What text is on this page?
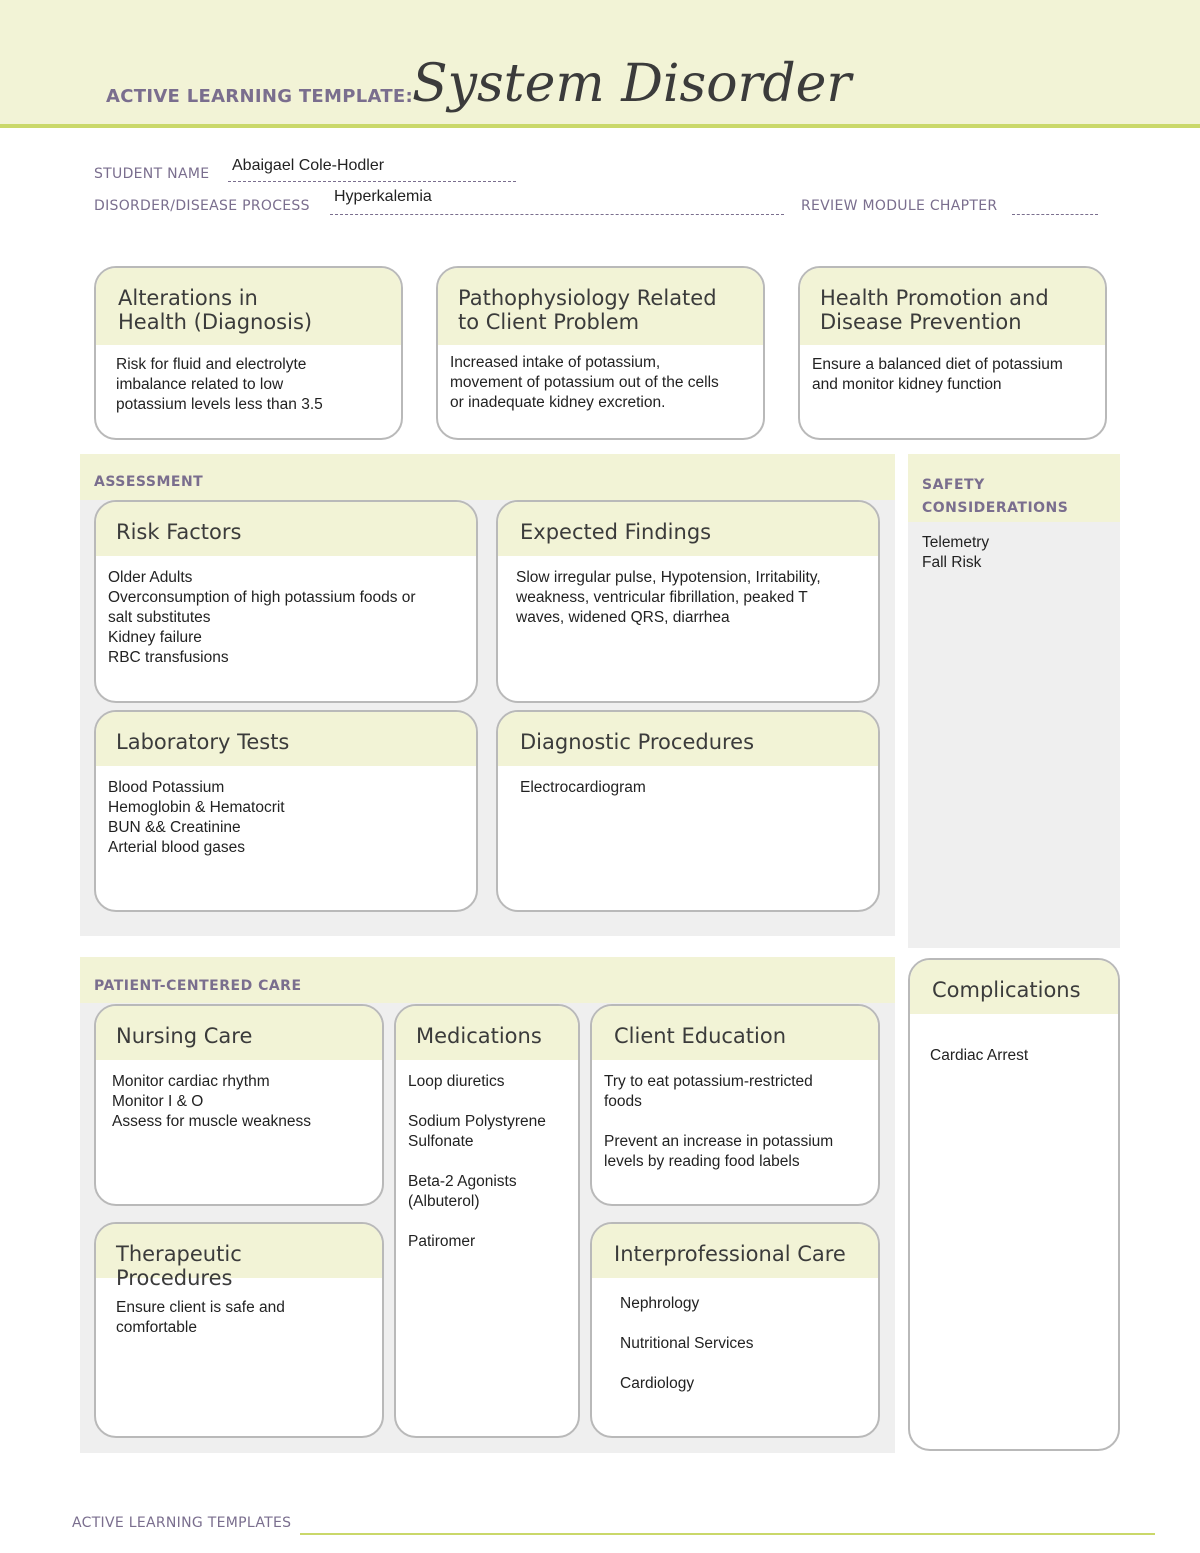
ACTIVE LEARNING TEMPLATE: System Disorder
STUDENT NAME Abaigael Cole-Hodler
DISORDER/DISEASE PROCESS
Hyperkalemia
REVIEW MODULE CHAPTER
Alterations in
Health (Diagnosis)
Risk for fluid and electrolyte
imbalance related to low
potassium levels less than 3.5
Pathophysiology Related
to Client Problem
Increased intake of potassium,
movement of potassium out of the cells
or inadequate kidney excretion.
Health Promotion and
Disease Prevention
Ensure a balanced diet of potassium
and monitor kidney function
ASSESSMENT
Risk Factors
Older Adults
Overconsumption of high potassium foods or
salt substitutes
Kidney failure
RBC transfusions
Expected Findings
Slow irregular pulse, Hypotension, Irritability,
weakness, ventricular fibrillation, peaked T
waves, widened QRS, diarrhea
Laboratory Tests
Blood Potassium
Hemoglobin & Hematocrit
BUN && Creatinine
Arterial blood gases
Diagnostic Procedures
Electrocardiogram
SAFETY
CONSIDERATIONS
Telemetry
Fall Risk
PATIENT-CENTERED CARE
Nursing Care
Monitor cardiac rhythm
Monitor I & O
Assess for muscle weakness
Medications
Loop diuretics

Sodium Polystyrene
Sulfonate

Beta-2 Agonists
(Albuterol)

Patiromer
Client Education
Try to eat potassium-restricted
foods

Prevent an increase in potassium
levels by reading food labels
Therapeutic Procedures
Ensure client is safe and
comfortable
Interprofessional Care
Nephrology

Nutritional Services

Cardiology
Complications
Cardiac Arrest
ACTIVE LEARNING TEMPLATES
